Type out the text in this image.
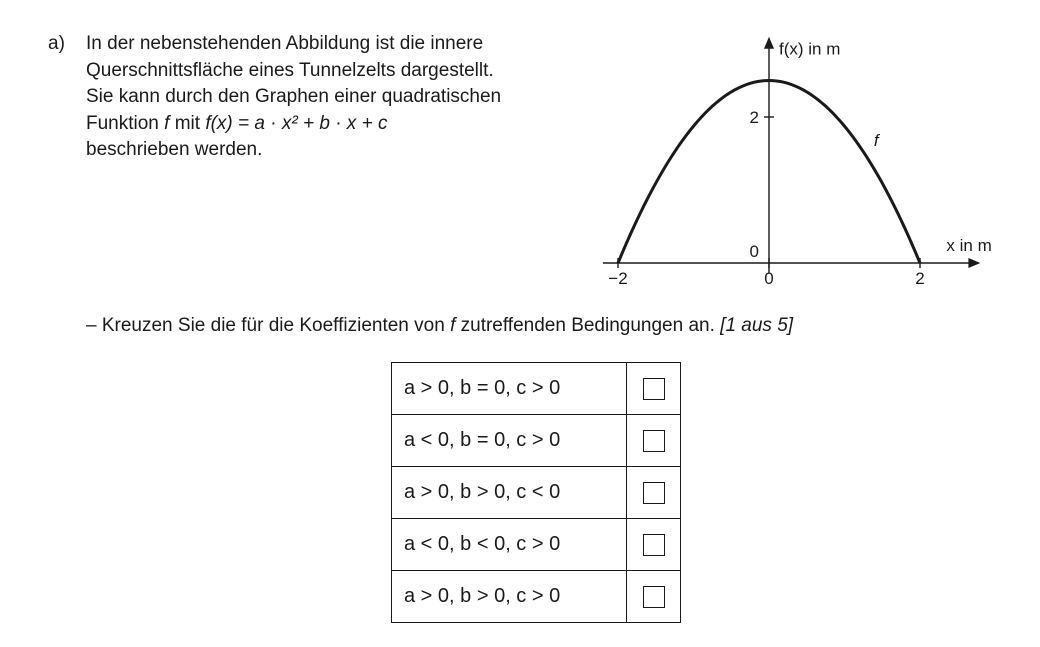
a) In der nebenstehenden Abbildung ist die innere
Querschnittsfläche eines Tunnelzelts dargestellt.
Sie kann durch den Graphen einer quadratischen
Funktion f mit f(x) = a · x² + b · x + c
beschrieben werden.
−2	0	2
2
0
f
x in m
f(x) in m
– Kreuzen Sie die für die Koeffizienten von f zutreffenden Bedingungen an. [1 aus 5]
a > 0, b = 0, c > 0	
a < 0, b = 0, c > 0	
a > 0, b > 0, c < 0	
a < 0, b < 0, c > 0	
a > 0, b > 0, c > 0	
